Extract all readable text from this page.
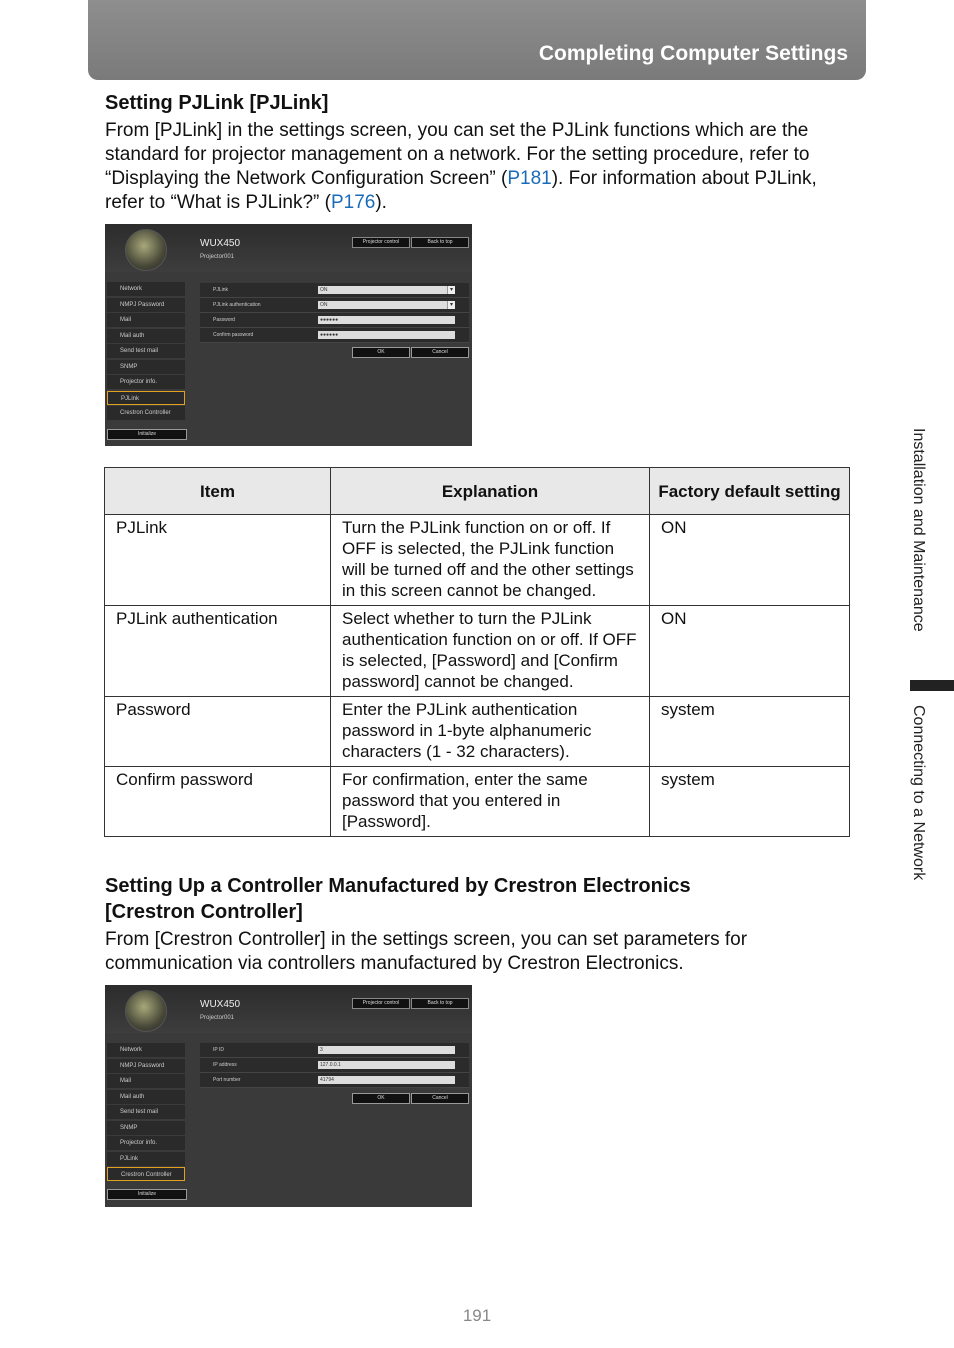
Completing Computer Settings
Setting PJLink [PJLink]

From [PJLink] in the settings screen, you can set the PJLink functions which are the standard for projector management on a network. For the setting procedure, refer to “Displaying the Network Configuration Screen” (P181). For information about PJLink, refer to “What is PJLink?” (P176).

WUX450
Projector001
Projector control	Back to top
Network
NMPJ Password
Mail
Mail auth
Send test mail
SNMP
Projector info.
PJLink
Crestron Controller
Initialize
PJLink	ON ▾
PJLink authentication	ON ▾
Password	●●●●●●
Confirm password	●●●●●●
OK	Cancel
Item	Explanation	Factory default setting
PJLink	Turn the PJLink function on or off. If OFF is selected, the PJLink function will be turned off and the other settings in this screen cannot be changed.	ON
PJLink authentication	Select whether to turn the PJLink authentication function on or off. If OFF is selected, [Password] and [Confirm password] cannot be changed.	ON
Password	Enter the PJLink authentication password in 1-byte alphanumeric characters (1 - 32 characters).	system
Confirm password	For confirmation, enter the same password that you entered in [Password].	system
Setting Up a Controller Manufactured by Crestron Electronics
[Crestron Controller]

From [Crestron Controller] in the settings screen, you can set parameters for communication via controllers manufactured by Crestron Electronics.

WUX450
Projector001
Projector control	Back to top
Network
NMPJ Password
Mail
Mail auth
Send test mail
SNMP
Projector info.
PJLink
Crestron Controller
Initialize
IP ID	3
IP address	127.0.0.1
Port number	41794
OK	Cancel
Installation and Maintenance
Connecting to a Network
191
